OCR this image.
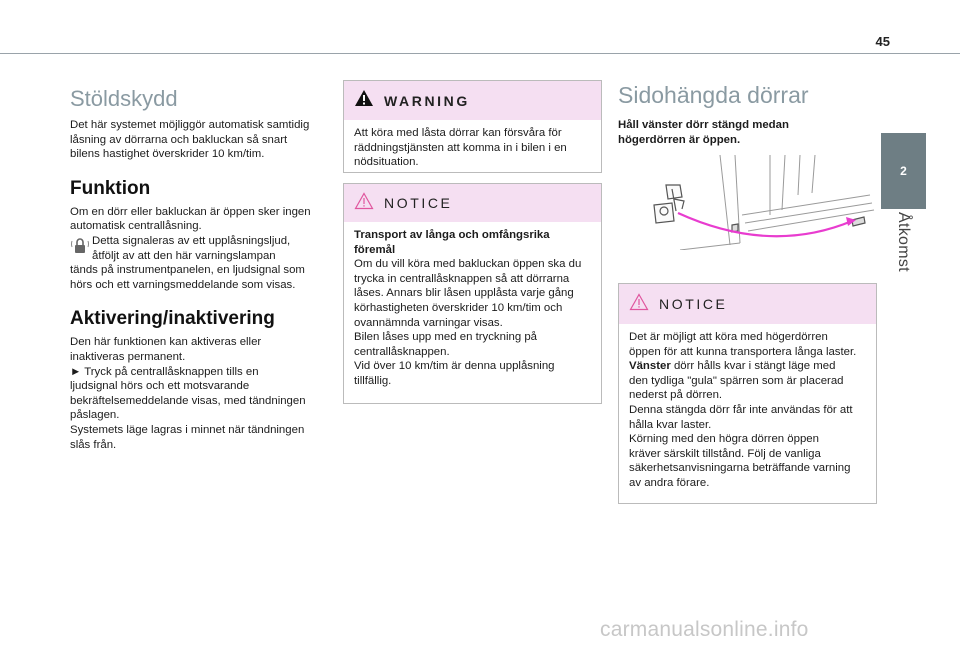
45
2
Åtkomst
Stöldskydd

Det här systemet möjliggör automatisk samtidig

låsning av dörrarna och bakluckan så snart

bilens hastighet överskrider 10 km/tim.

Funktion

Om en dörr eller bakluckan är öppen sker ingen

automatisk centrallåsning.

Detta signaleras av ett upplåsningsljud,

åtföljt av att den här varningslampan

tänds på instrumentpanelen, en ljudsignal som

hörs och ett varningsmeddelande som visas.

Aktivering/inaktivering

Den här funktionen kan aktiveras eller

inaktiveras permanent.

► Tryck på centrallåsknappen tills en

ljudsignal hörs och ett motsvarande

bekräftelsemeddelande visas, med tändningen

påslagen.

Systemets läge lagras i minnet när tändningen

slås från.

WARNING

Att köra med låsta dörrar kan försvåra för

räddningstjänsten att komma in i bilen i en

nödsituation.

NOTICE

Transport av långa och omfångsrika

föremål

Om du vill köra med bakluckan öppen ska du

trycka in centrallåsknappen så att dörrarna

låses. Annars blir låsen upplåsta varje gång

körhastigheten överskrider 10 km/tim och

ovannämnda varningar visas.

Bilen låses upp med en tryckning på

centrallåsknappen.

Vid över 10 km/tim är denna upplåsning

tillfällig.

Sidohängda dörrar

Håll vänster dörr stängd medan

högerdörren är öppen.

NOTICE

Det är möjligt att köra med högerdörren

öppen för att kunna transportera långa laster.

Vänster dörr hålls kvar i stängt läge med

den tydliga "gula" spärren som är placerad

nederst på dörren.

Denna stängda dörr får inte användas för att

hålla kvar laster.

Körning med den högra dörren öppen

kräver särskilt tillstånd. Följ de vanliga

säkerhetsanvisningarna beträffande varning

av andra förare.

carmanualsonline.info
